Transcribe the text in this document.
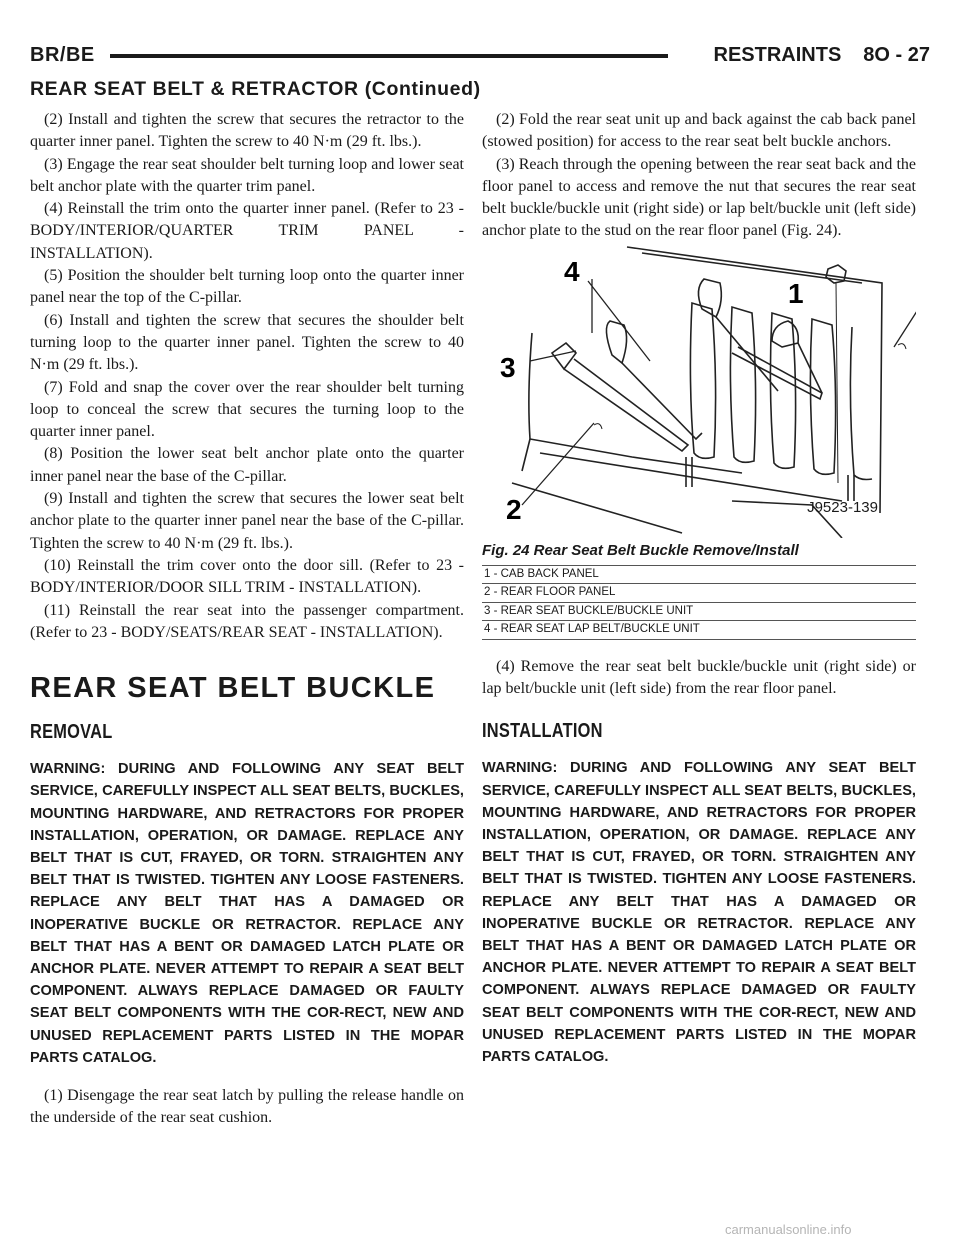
BR/BE	RESTRAINTS 8O - 27
REAR SEAT BELT & RETRACTOR (Continued)

(2) Install and tighten the screw that secures the retractor to the quarter inner panel. Tighten the screw to 40 N·m (29 ft. lbs.).

(3) Engage the rear seat shoulder belt turning loop and lower seat belt anchor plate with the quarter trim panel.

(4) Reinstall the trim onto the quarter inner panel. (Refer to 23 - BODY/INTERIOR/QUARTER TRIM PANEL - INSTALLATION).

(5) Position the shoulder belt turning loop onto the quarter inner panel near the top of the C-pillar.

(6) Install and tighten the screw that secures the shoulder belt turning loop to the quarter inner panel. Tighten the screw to 40 N·m (29 ft. lbs.).

(7) Fold and snap the cover over the rear shoulder belt turning loop to conceal the screw that secures the turning loop to the quarter inner panel.

(8) Position the lower seat belt anchor plate onto the quarter inner panel near the base of the C-pillar.

(9) Install and tighten the screw that secures the lower seat belt anchor plate to the quarter inner panel near the base of the C-pillar. Tighten the screw to 40 N·m (29 ft. lbs.).

(10) Reinstall the trim cover onto the door sill. (Refer to 23 - BODY/INTERIOR/DOOR SILL TRIM - INSTALLATION).

(11) Reinstall the rear seat into the passenger compartment. (Refer to 23 - BODY/SEATS/REAR SEAT - INSTALLATION).

REAR SEAT BELT BUCKLE
REMOVAL

WARNING: DURING AND FOLLOWING ANY SEAT BELT SERVICE, CAREFULLY INSPECT ALL SEAT BELTS, BUCKLES, MOUNTING HARDWARE, AND RETRACTORS FOR PROPER INSTALLATION, OPERATION, OR DAMAGE. REPLACE ANY BELT THAT IS CUT, FRAYED, OR TORN. STRAIGHTEN ANY BELT THAT IS TWISTED. TIGHTEN ANY LOOSE FASTENERS. REPLACE ANY BELT THAT HAS A DAMAGED OR INOPERATIVE BUCKLE OR RETRACTOR. REPLACE ANY BELT THAT HAS A BENT OR DAMAGED LATCH PLATE OR ANCHOR PLATE. NEVER ATTEMPT TO REPAIR A SEAT BELT COMPONENT. ALWAYS REPLACE DAMAGED OR FAULTY SEAT BELT COMPONENTS WITH THE COR-RECT, NEW AND UNUSED REPLACEMENT PARTS LISTED IN THE MOPAR PARTS CATALOG.

(1) Disengage the rear seat latch by pulling the release handle on the underside of the rear seat cushion.

(2) Fold the rear seat unit up and back against the cab back panel (stowed position) for access to the rear seat belt buckle anchors.

(3) Reach through the opening between the rear seat back and the floor panel to access and remove the nut that secures the rear seat belt buckle/buckle unit (right side) or lap belt/buckle unit (left side) anchor plate to the stud on the rear floor panel (Fig. 24).

4
1
3
2	J9523-139
Fig. 24 Rear Seat Belt Buckle Remove/Install
1 - CAB BACK PANEL
2 - REAR FLOOR PANEL
3 - REAR SEAT BUCKLE/BUCKLE UNIT
4 - REAR SEAT LAP BELT/BUCKLE UNIT

(4) Remove the rear seat belt buckle/buckle unit (right side) or lap belt/buckle unit (left side) from the rear floor panel.

INSTALLATION

WARNING: DURING AND FOLLOWING ANY SEAT BELT SERVICE, CAREFULLY INSPECT ALL SEAT BELTS, BUCKLES, MOUNTING HARDWARE, AND RETRACTORS FOR PROPER INSTALLATION, OPERATION, OR DAMAGE. REPLACE ANY BELT THAT IS CUT, FRAYED, OR TORN. STRAIGHTEN ANY BELT THAT IS TWISTED. TIGHTEN ANY LOOSE FASTENERS. REPLACE ANY BELT THAT HAS A DAMAGED OR INOPERATIVE BUCKLE OR RETRACTOR. REPLACE ANY BELT THAT HAS A BENT OR DAMAGED LATCH PLATE OR ANCHOR PLATE. NEVER ATTEMPT TO REPAIR A SEAT BELT COMPONENT. ALWAYS REPLACE DAMAGED OR FAULTY SEAT BELT COMPONENTS WITH THE COR-RECT, NEW AND UNUSED REPLACEMENT PARTS LISTED IN THE MOPAR PARTS CATALOG.

carmanualsonline.info
